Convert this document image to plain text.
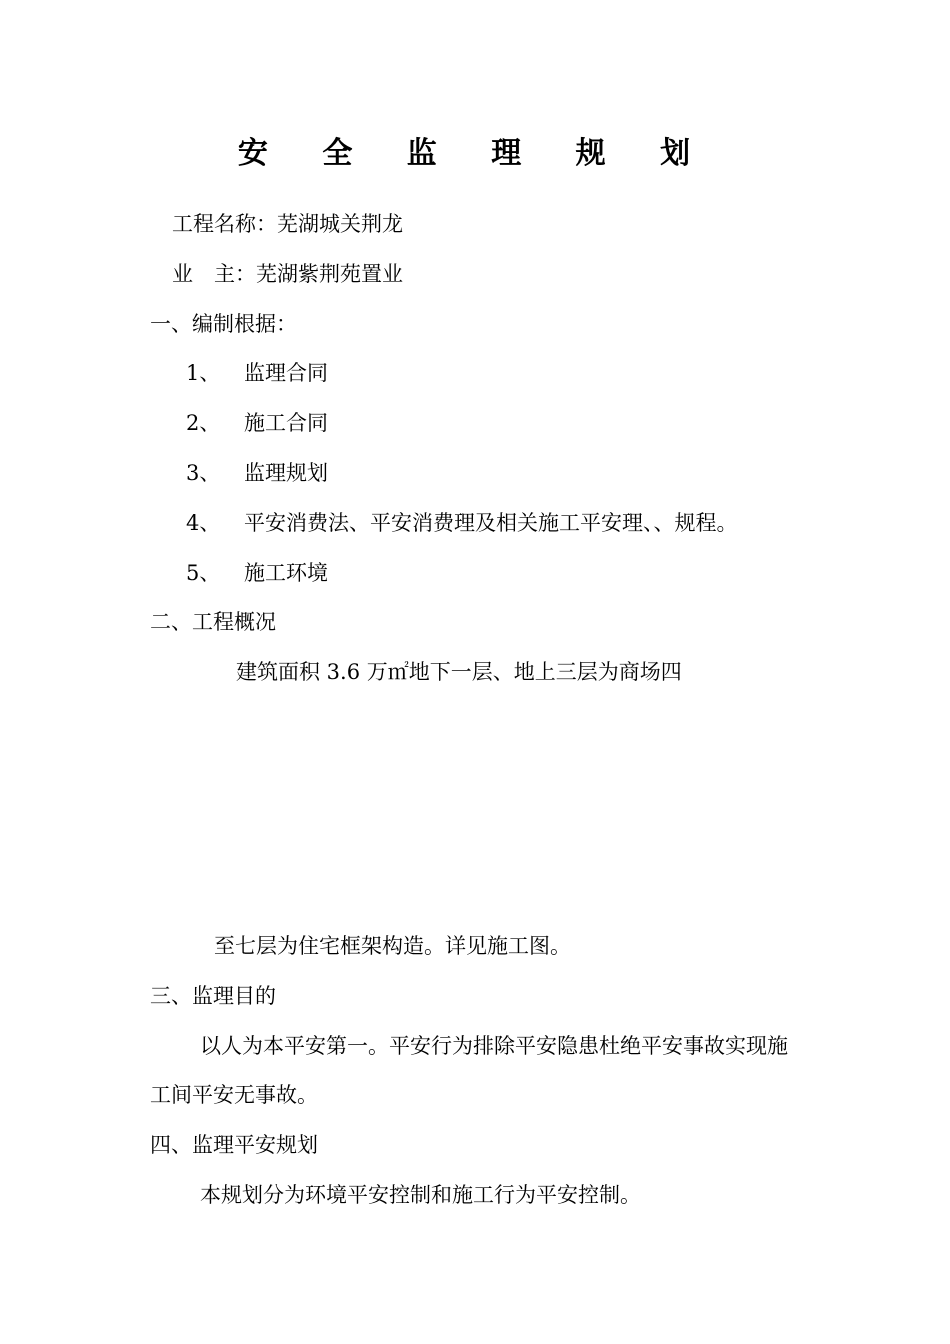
安 全 监 理 规 划

工程名称：芜湖城关荆龙

业 主：芜湖紫荆苑置业

一、编制根据：

1、 监理合同

2、 施工合同

3、 监理规划

4、 平安消费法、平安消费理及相关施工平安理、、规程。

5、 施工环境

二、工程概况

建筑面积 3.6 万㎡地下一层、地上三层为商场四

至七层为住宅框架构造。详见施工图。

三、监理目的

以人为本平安第一。平安行为排除平安隐患杜绝平安事故实现施

工间平安无事故。

四、监理平安规划

本规划分为环境平安控制和施工行为平安控制。
